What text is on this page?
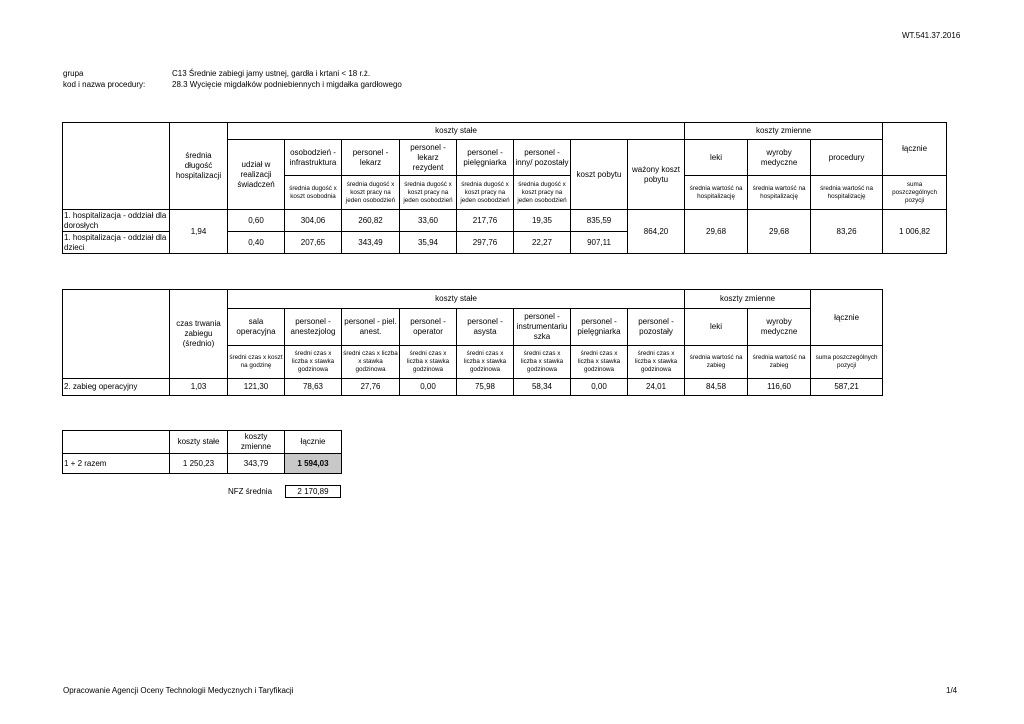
WT.541.37.2016
grupa	C13 Średnie zabiegi jamy ustnej, gardła i krtani < 18 r.ż.
kod i nazwa procedury:	28.3 Wycięcie migdałków podniebiennych i migdałka gardłowego
	średnia długość hospitalizacji	koszty stałe								koszty zmienne			łącznie
		udział w realizacji świadczeń	osobodzień - infrastruktura	personel - lekarz	personel - lekarz rezydent	personel - pielęgniarka	personel - inny/ pozostały	koszt pobytu	ważony koszt pobytu	leki	wyroby medyczne	procedury	
			średnia dugość x koszt osobodnia	średnia dugość x koszt pracy na jeden osobodzień	średnia dugość x koszt pracy na jeden osobodzień	średnia dugość x koszt pracy na jeden osobodzień	średnia dugość x koszt pracy na jeden osobodzień			średnia wartość na hospitalizację	średnia wartość na hospitalizację	średnia wartość na hospitalizację	suma poszczególnych pozycji
1. hospitalizacja - oddział dla dorosłych	1,94	0,60	304,06	260,82	33,60	217,76	19,35	835,59	864,20	29,68	29,68	83,26	1 006,82
1. hospitalizacja - oddział dla dzieci		0,40	207,65	343,49	35,94	297,76	22,27	907,11					
	czas trwania zabiegu (średnio)	koszty stałe								koszty zmienne		łącznie	
		sala operacyjna	personel - anestezjolog	personel - piel. anest.	personel - operator	personel - asysta	personel - instrumentariu szka	personel - pielęgniarka	personel - pozostały	leki	wyroby medyczne		
		średni czas x koszt na godzinę	średni czas x liczba x stawka godzinowa	średni czas x liczba x stawka godzinowa	średni czas x liczba x stawka godzinowa	średni czas x liczba x stawka godzinowa	średni czas x liczba x stawka godzinowa	średni czas x liczba x stawka godzinowa	średni czas x liczba x stawka godzinowa	średnia wartość na zabieg	średnia wartość na zabieg	suma poszczególnych pozycji	
2. zabieg operacyjny	1,03	121,30	78,63	27,76	0,00	75,98	58,34	0,00	24,01	84,58	116,60	587,21	
	koszty stałe	koszty zmienne	łącznie
1 + 2 razem	1 250,23	343,79	1 594,03
NFZ średnia	2 170,89
Opracowanie Agencji Oceny Technologii Medycznych i Taryfikacji	1/4
